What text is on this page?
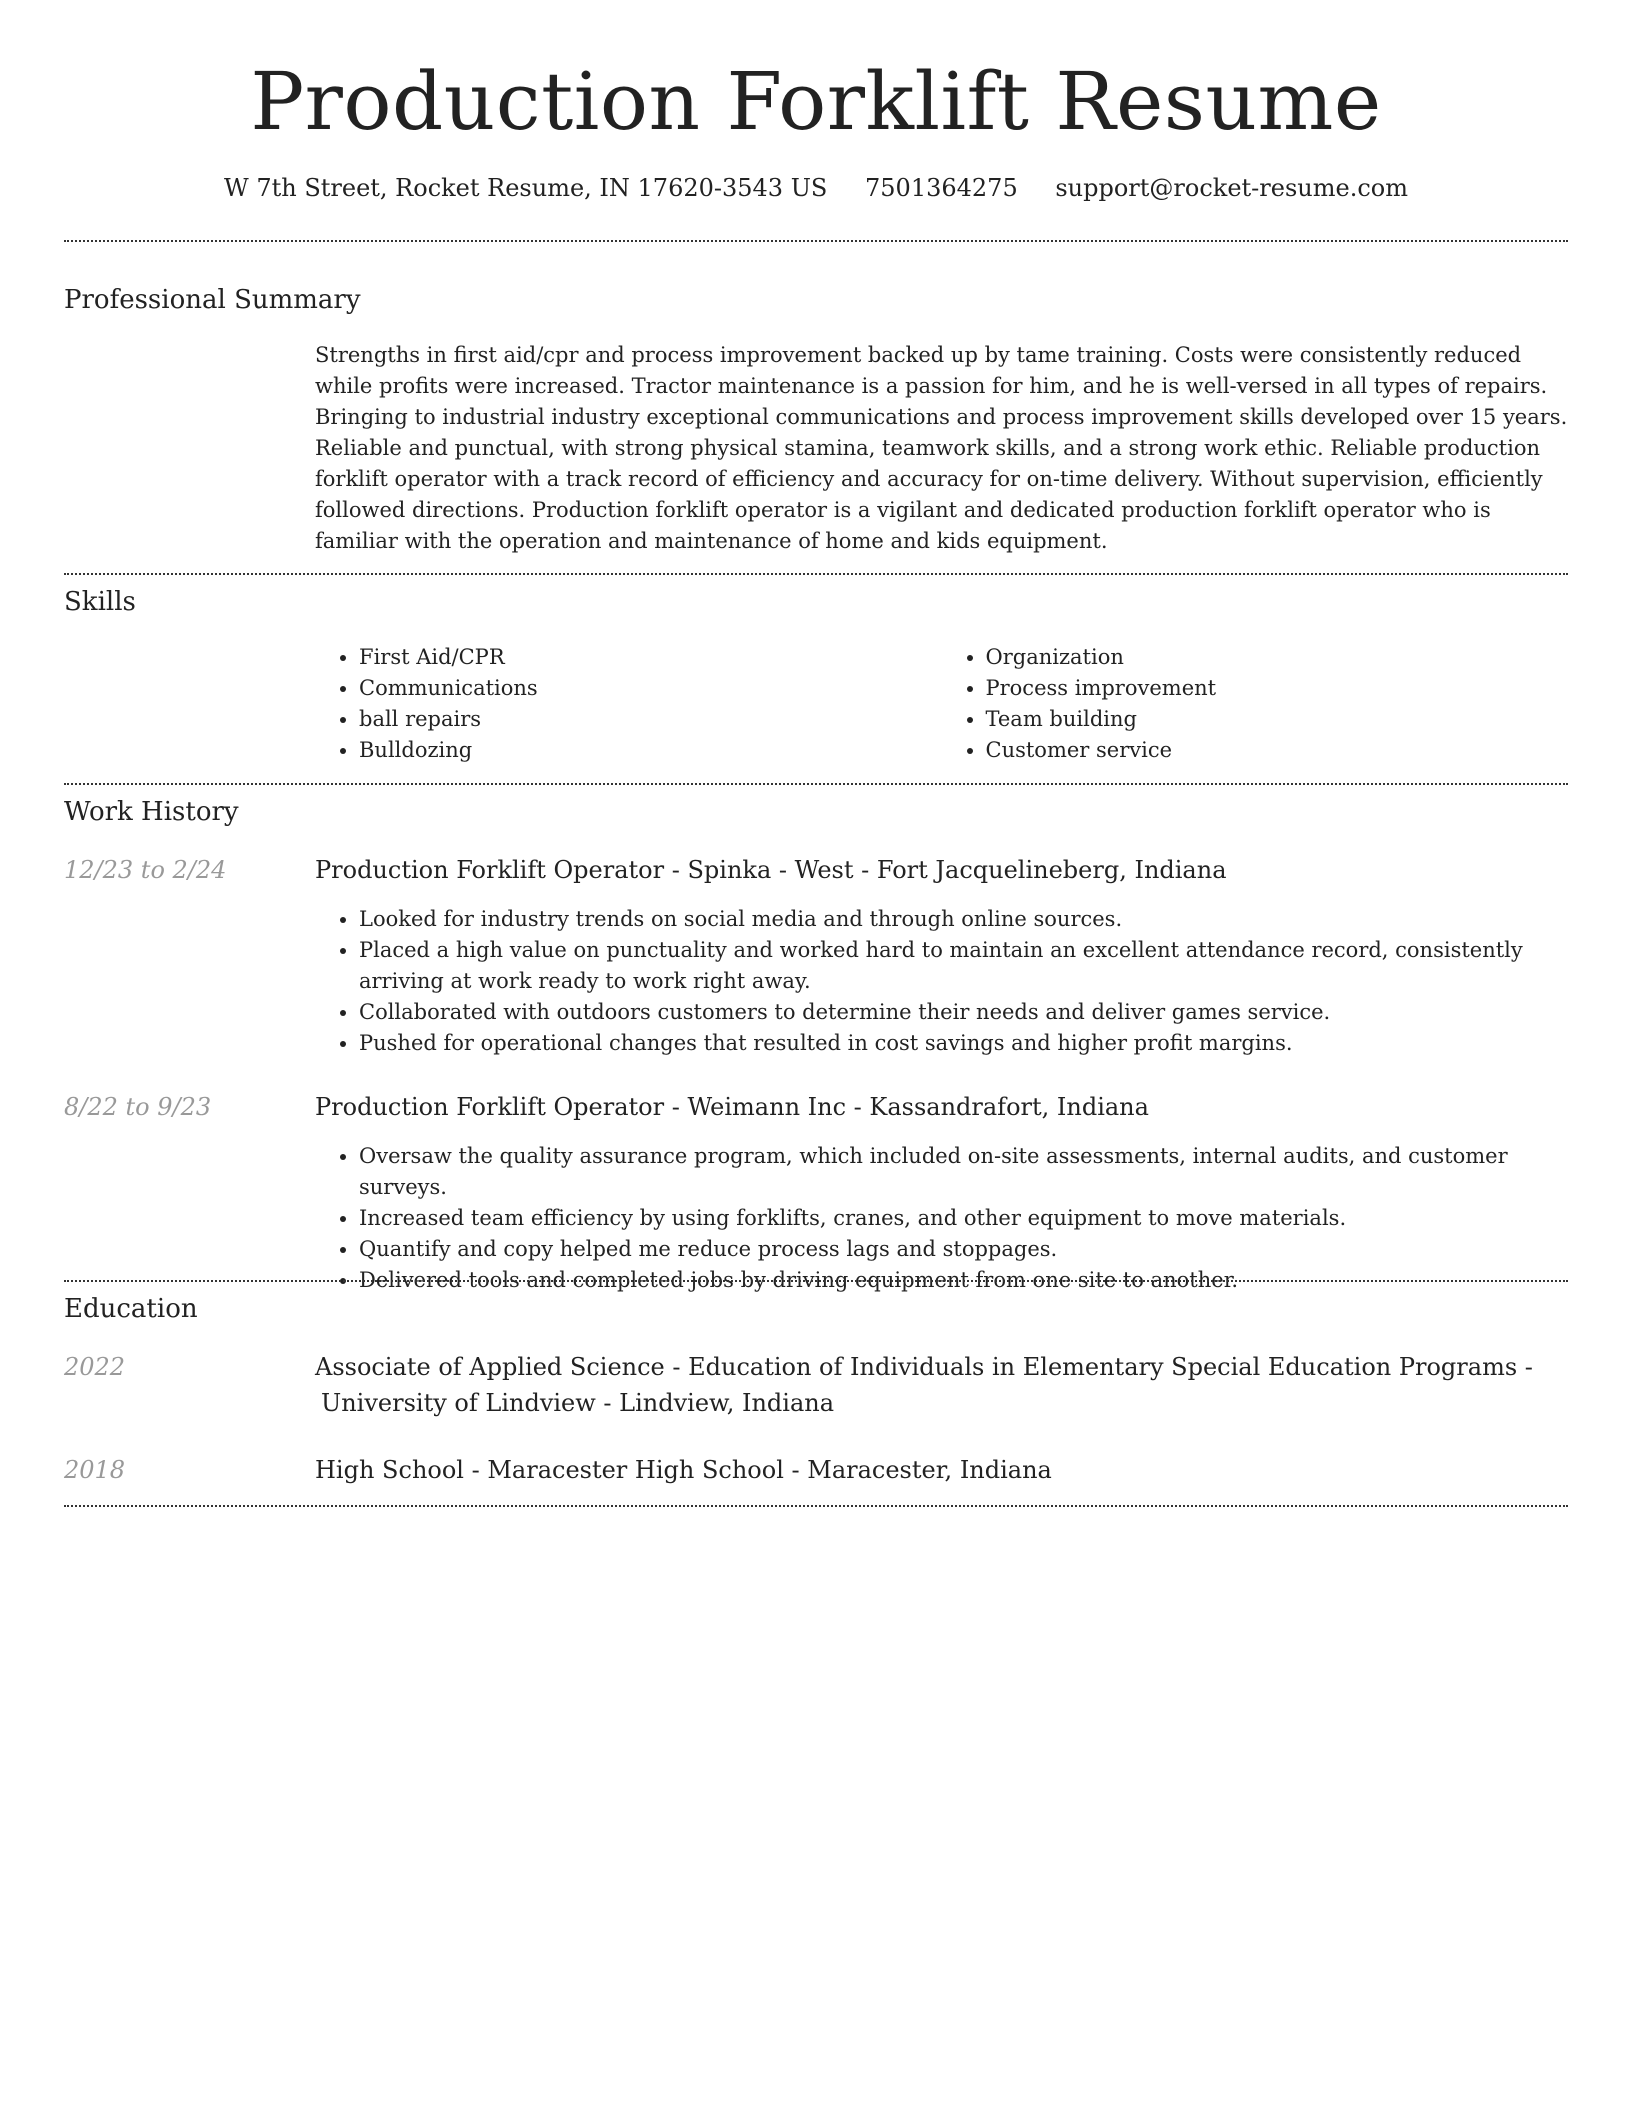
Production Forklift Resume
W 7th Street, Rocket Resume, IN 17620-3543 US 7501364275 support@rocket-resume.com
Professional Summary

Strengths in first aid/cpr and process improvement backed up by tame training. Costs were consistently reduced while profits were increased. Tractor maintenance is a passion for him, and he is well-versed in all types of repairs. Bringing to industrial industry exceptional communications and process improvement skills developed over 15 years. Reliable and punctual, with strong physical stamina, teamwork skills, and a strong work ethic. Reliable production forklift operator with a track record of efficiency and accuracy for on-time delivery. Without supervision, efficiently followed directions. Production forklift operator is a vigilant and dedicated production forklift operator who is familiar with the operation and maintenance of home and kids equipment.

Skills
• First Aid/CPR
• Communications
• ball repairs
• Bulldozing
• Organization
• Process improvement
• Team building
• Customer service
Work History
12/23 to 2/24	Production Forklift Operator - Spinka - West - Fort Jacquelineberg, Indiana
• Looked for industry trends on social media and through online sources.
• Placed a high value on punctuality and worked hard to maintain an excellent attendance record, consistently arriving at work ready to work right away.
• Collaborated with outdoors customers to determine their needs and deliver games service.
• Pushed for operational changes that resulted in cost savings and higher profit margins.
8/22 to 9/23	Production Forklift Operator - Weimann Inc - Kassandrafort, Indiana
• Oversaw the quality assurance program, which included on-site assessments, internal audits, and customer surveys.
• Increased team efficiency by using forklifts, cranes, and other equipment to move materials.
• Quantify and copy helped me reduce process lags and stoppages.
• Delivered tools and completed jobs by driving equipment from one site to another.
Education
2022	Associate of Applied Science - Education of Individuals in Elementary Special Education Programs -
University of Lindview - Lindview, Indiana
2018	High School - Maracester High School - Maracester, Indiana
